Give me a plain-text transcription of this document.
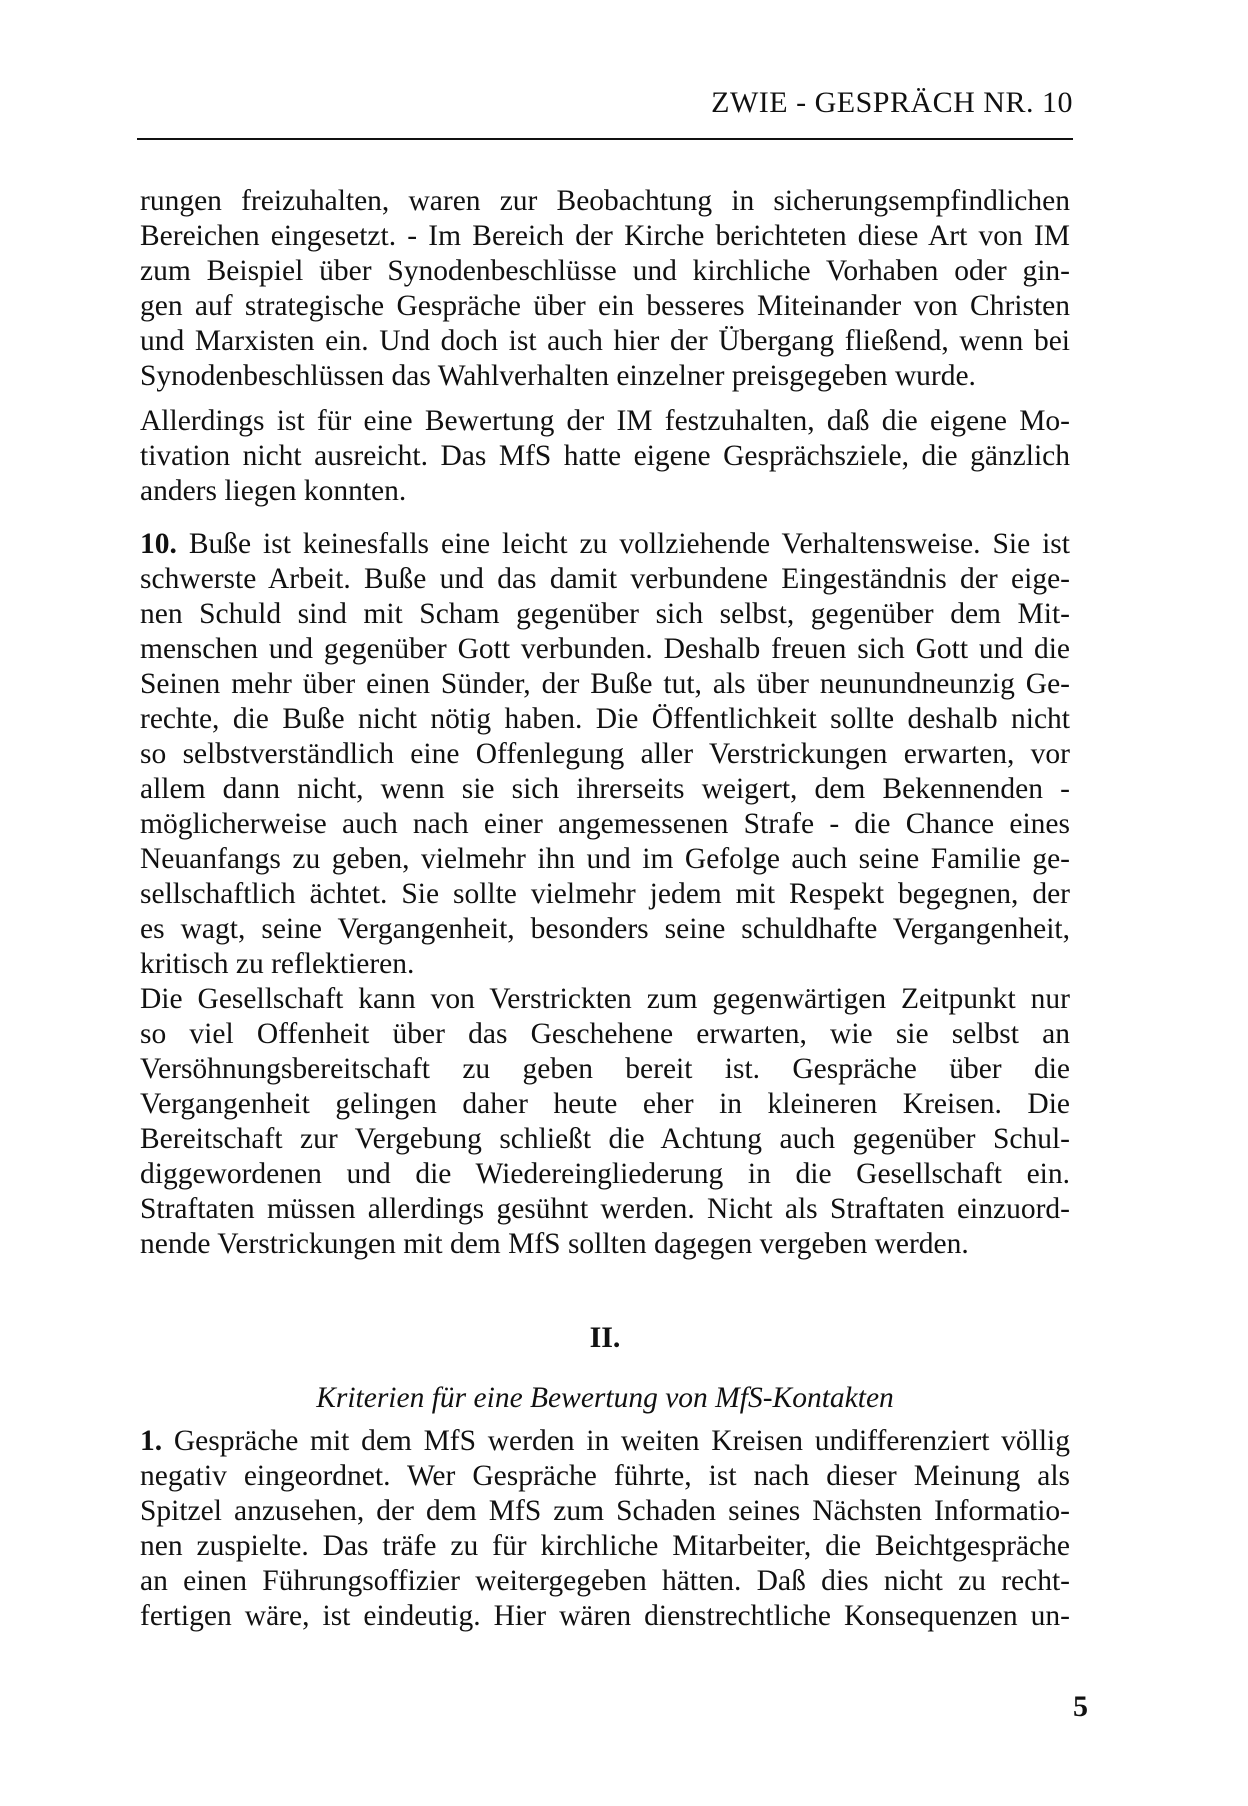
ZWIE - GESPRÄCH NR. 10
rungen freizuhalten, waren zur Beobachtung in sicherungsempfindlichen
Bereichen eingesetzt. - Im Bereich der Kirche berichteten diese Art von IM
zum Beispiel über Synodenbeschlüsse und kirchliche Vorhaben oder gin-
gen auf strategische Gespräche über ein besseres Miteinander von Christen
und Marxisten ein. Und doch ist auch hier der Übergang fließend, wenn bei
Synodenbeschlüssen das Wahlverhalten einzelner preisgegeben wurde.
Allerdings ist für eine Bewertung der IM festzuhalten, daß die eigene Mo-
tivation nicht ausreicht. Das MfS hatte eigene Gesprächsziele, die gänzlich
anders liegen konnten.
10. Buße ist keinesfalls eine leicht zu vollziehende Verhaltensweise. Sie ist
schwerste Arbeit. Buße und das damit verbundene Eingeständnis der eige-
nen Schuld sind mit Scham gegenüber sich selbst, gegenüber dem Mit-
menschen und gegenüber Gott verbunden. Deshalb freuen sich Gott und die
Seinen mehr über einen Sünder, der Buße tut, als über neunundneunzig Ge-
rechte, die Buße nicht nötig haben. Die Öffentlichkeit sollte deshalb nicht
so selbstverständlich eine Offenlegung aller Verstrickungen erwarten, vor
allem dann nicht, wenn sie sich ihrerseits weigert, dem Bekennenden -
möglicherweise auch nach einer angemessenen Strafe - die Chance eines
Neuanfangs zu geben, vielmehr ihn und im Gefolge auch seine Familie ge-
sellschaftlich ächtet. Sie sollte vielmehr jedem mit Respekt begegnen, der
es wagt, seine Vergangenheit, besonders seine schuldhafte Vergangenheit,
kritisch zu reflektieren.
Die Gesellschaft kann von Verstrickten zum gegenwärtigen Zeitpunkt nur
so viel Offenheit über das Geschehene erwarten, wie sie selbst an
Versöhnungsbereitschaft zu geben bereit ist. Gespräche über die
Vergangenheit gelingen daher heute eher in kleineren Kreisen. Die
Bereitschaft zur Vergebung schließt die Achtung auch gegenüber Schul-
diggewordenen und die Wiedereingliederung in die Gesellschaft ein.
Straftaten müssen allerdings gesühnt werden. Nicht als Straftaten einzuord-
nende Verstrickungen mit dem MfS sollten dagegen vergeben werden.
II.
Kriterien für eine Bewertung von MfS-Kontakten
1. Gespräche mit dem MfS werden in weiten Kreisen undifferenziert völlig
negativ eingeordnet. Wer Gespräche führte, ist nach dieser Meinung als
Spitzel anzusehen, der dem MfS zum Schaden seines Nächsten Informatio-
nen zuspielte. Das träfe zu für kirchliche Mitarbeiter, die Beichtgespräche
an einen Führungsoffizier weitergegeben hätten. Daß dies nicht zu recht-
fertigen wäre, ist eindeutig. Hier wären dienstrechtliche Konsequenzen un-
5
